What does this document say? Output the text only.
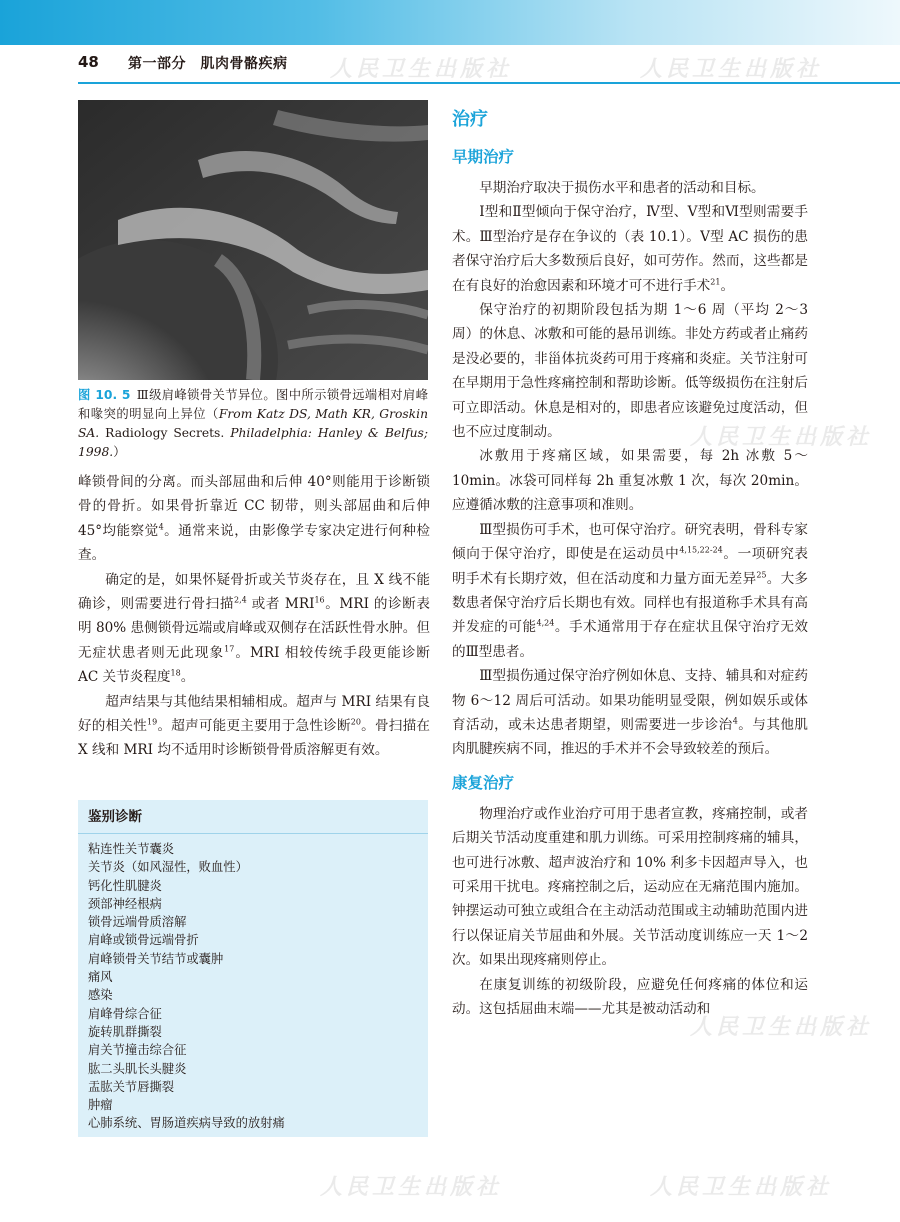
48 第一部分　肌肉骨骼疾病 人民卫生出版社	人民卫生出版社
人民卫生出版社
人民卫生出版社
人民卫生出版社	人民卫生出版社
图 10. 5 Ⅲ级肩峰锁骨关节异位。图中所示锁骨远端相对肩峰和喙突的明显向上异位（From Katz DS, Math KR, Groskin SA. Radiology Secrets. Philadelphia: Hanley & Belfus; 1998.）

峰锁骨间的分离。而头部屈曲和后伸 40°则能用于诊断锁骨的骨折。如果骨折靠近 CC 韧带，则头部屈曲和后伸 45°均能察觉$^4$。通常来说，由影像学专家决定进行何种检查。

确定的是，如果怀疑骨折或关节炎存在，且 X 线不能确诊，则需要进行骨扫描$^{2,4}$ 或者 MRI$^{16}$。MRI 的诊断表明 80% 患侧锁骨远端或肩峰或双侧存在活跃性骨水肿。但无症状患者则无此现象$^{17}$。MRI 相较传统手段更能诊断 AC 关节炎程度$^{18}$。

超声结果与其他结果相辅相成。超声与 MRI 结果有良好的相关性$^{19}$。超声可能更主要用于急性诊断$^{20}$。骨扫描在 X 线和 MRI 均不适用时诊断锁骨骨质溶解更有效。

鉴别诊断
粘连性关节囊炎
关节炎（如风湿性，败血性）
钙化性肌腱炎
颈部神经根病
锁骨远端骨质溶解
肩峰或锁骨远端骨折
肩峰锁骨关节结节或囊肿
痛风
感染
肩峰骨综合征
旋转肌群撕裂
肩关节撞击综合征
肱二头肌长头腱炎
盂肱关节唇撕裂
肿瘤
心肺系统、胃肠道疾病导致的放射痛
治疗
早期治疗

早期治疗取决于损伤水平和患者的活动和目标。

Ⅰ型和Ⅱ型倾向于保守治疗，Ⅳ型、Ⅴ型和Ⅵ型则需要手术。Ⅲ型治疗是存在争议的（表 10.1）。Ⅴ型 AC 损伤的患者保守治疗后大多数预后良好，如可劳作。然而，这些都是在有良好的治愈因素和环境才可不进行手术$^{21}$。

保守治疗的初期阶段包括为期 1～6 周（平均 2～3 周）的休息、冰敷和可能的悬吊训练。非处方药或者止痛药是没必要的，非甾体抗炎药可用于疼痛和炎症。关节注射可在早期用于急性疼痛控制和帮助诊断。低等级损伤在注射后可立即活动。休息是相对的，即患者应该避免过度活动，但也不应过度制动。

冰敷用于疼痛区域，如果需要，每 2h 冰敷 5～10min。冰袋可同样每 2h 重复冰敷 1 次，每次 20min。应遵循冰敷的注意事项和准则。

Ⅲ型损伤可手术，也可保守治疗。研究表明，骨科专家倾向于保守治疗，即使是在运动员中$^{4,15,22-24}$。一项研究表明手术有长期疗效，但在活动度和力量方面无差异$^{25}$。大多数患者保守治疗后长期也有效。同样也有报道称手术具有高并发症的可能$^{4,24}$。手术通常用于存在症状且保守治疗无效的Ⅲ型患者。

Ⅲ型损伤通过保守治疗例如休息、支持、辅具和对症药物 6～12 周后可活动。如果功能明显受限，例如娱乐或体育活动，或未达患者期望，则需要进一步诊治$^4$。与其他肌肉肌腱疾病不同，推迟的手术并不会导致较差的预后。

康复治疗

物理治疗或作业治疗可用于患者宣教，疼痛控制，或者后期关节活动度重建和肌力训练。可采用控制疼痛的辅具，也可进行冰敷、超声波治疗和 10% 利多卡因超声导入，也可采用干扰电。疼痛控制之后，运动应在无痛范围内施加。钟摆运动可独立或组合在主动活动范围或主动辅助范围内进行以保证肩关节屈曲和外展。关节活动度训练应一天 1～2 次。如果出现疼痛则停止。

在康复训练的初级阶段，应避免任何疼痛的体位和运动。这包括屈曲末端——尤其是被动活动和
